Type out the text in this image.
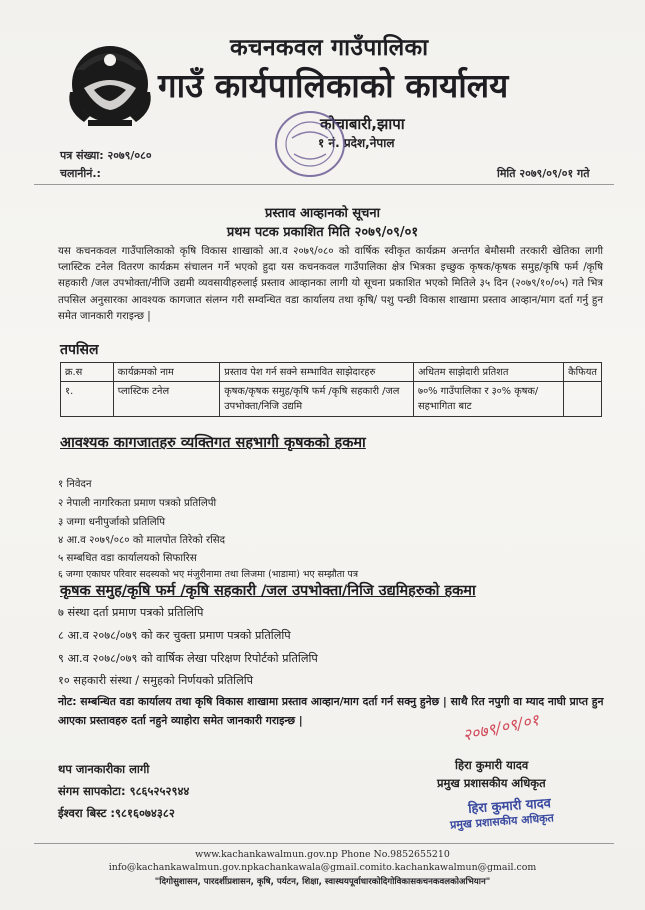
कचनकवल गाउँपालिका
गाउँ कार्यपालिकाको कार्यालय
कोचाबारी,झापा
१ नं. प्रदेश,नेपाल
पत्र संख्या: २०७९/०८०
चलानीनं.:	मिति २०७९/०९/०१ गते
प्रस्ताव आव्हानको सूचना
प्रथम पटक प्रकाशित मिति २०७९/०९/०१
यस कचनकवल गाउँपालिकाको कृषि विकास शाखाको आ.व २०७९/०८० को वार्षिक स्वीकृत कार्यक्रम अन्तर्गत बेमौसमी तरकारी खेतिका लागी प्लास्टिक टनेल वितरण कार्यक्रम संचालन गर्ने भएको हुदा यस कचनकवल गाउँपालिका क्षेत्र भित्रका इच्छुक कृषक/कृषक समुह/कृषि फर्म /कृषि सहकारी /जल उपभोक्ता/नीजि उद्यमी व्यवसायीहरुलाई प्रस्ताव आव्हानका लागी यो सूचना प्रकाशित भएको मितिले ३५ दिन (२०७९/१०/०५) गते भित्र तपसिल अनुसारका आवश्यक कागजात संलग्न गरी सम्वन्धित वडा कार्यालय तथा कृषि/ पशु पन्छी विकास शाखामा प्रस्ताव आव्हान/माग दर्ता गर्नु हुन समेत जानकारी गराइन्छ |
तपसिल
क्र.स	कार्यक्रमको नाम	प्रस्ताव पेश गर्न सक्ने सम्भावित साझेदारहरु	अधितम साझेदारी प्रतिशत	कैफियत
१.	प्लास्टिक टनेल	कृषक/कृषक समुह/कृषि फर्म /कृषि सहकारी /जल उपभोक्ता/निजि उद्यमि	७०% गाउँपालिका र ३०% कृषक/ सहभागिता बाट	
आवश्यक कागजातहरु व्यक्तिगत सहभागी कृषकको हकमा
१ निवेदन
२ नेपाली नागरिकता प्रमाण पत्रको प्रतिलिपी
३ जग्गा धनीपुर्जाको प्रतिलिपि
४ आ.व २०७९/०८० को मालपोत तिरेको रसिद
५ सम्बधित वडा कार्यालयको सिफारिस
६ जग्गा एकाघर परिवार सदस्यको भए मंजुरीनामा तथा लिजमा (भाडामा) भए सम्झौता पत्र
कृषक समुह/कृषि फर्म /कृषि सहकारी /जल उपभोक्ता/निजि उद्यमिहरुको हकमा
७ संस्था दर्ता प्रमाण पत्रको प्रतिलिपि
८ आ.व २०७८/०७९ को कर चुक्ता प्रमाण पत्रको प्रतिलिपि
९ आ.व २०७८/०७९ को वार्षिक लेखा परिक्षण रिपोर्टको प्रतिलिपि
१० सहकारी संस्था / समुहको निर्णयको प्रतिलिपि
नोट: सम्बन्धित वडा कार्यालय तथा कृषि विकास शाखामा प्रस्ताव आव्हान/माग दर्ता गर्न सक्नु हुनेछ | साथै रित नपुगी वा म्याद नाघी प्राप्त हुन आएका प्रस्तावहरु दर्ता नहुने व्याहोरा समेत जानकारी गराइन्छ |
थप जानकारीका लागी
संगम सापकोटा: ९८६५२५२९४४
ईश्वरा बिस्ट :९८१६०७४३८२
२०७९/०९/०१
हिरा कुमारी यादव
प्रमुख प्रशासकीय अधिकृत
हिरा कुमारी यादव
प्रमुख प्रशासकीय अधिकृत
www.kachankawalmun.gov.np Phone No.9852655210
info@kachankawalmun.gov.npkachankawala@gmail.comito.kachankawalmun@gmail.com
"दिगोसुशासन, पारदर्शीप्रशासन, कृषि, पर्यटन, शिक्षा, स्वास्थयपूर्वाधारकोदिगोविकासकचनकवलकोअभियान"
